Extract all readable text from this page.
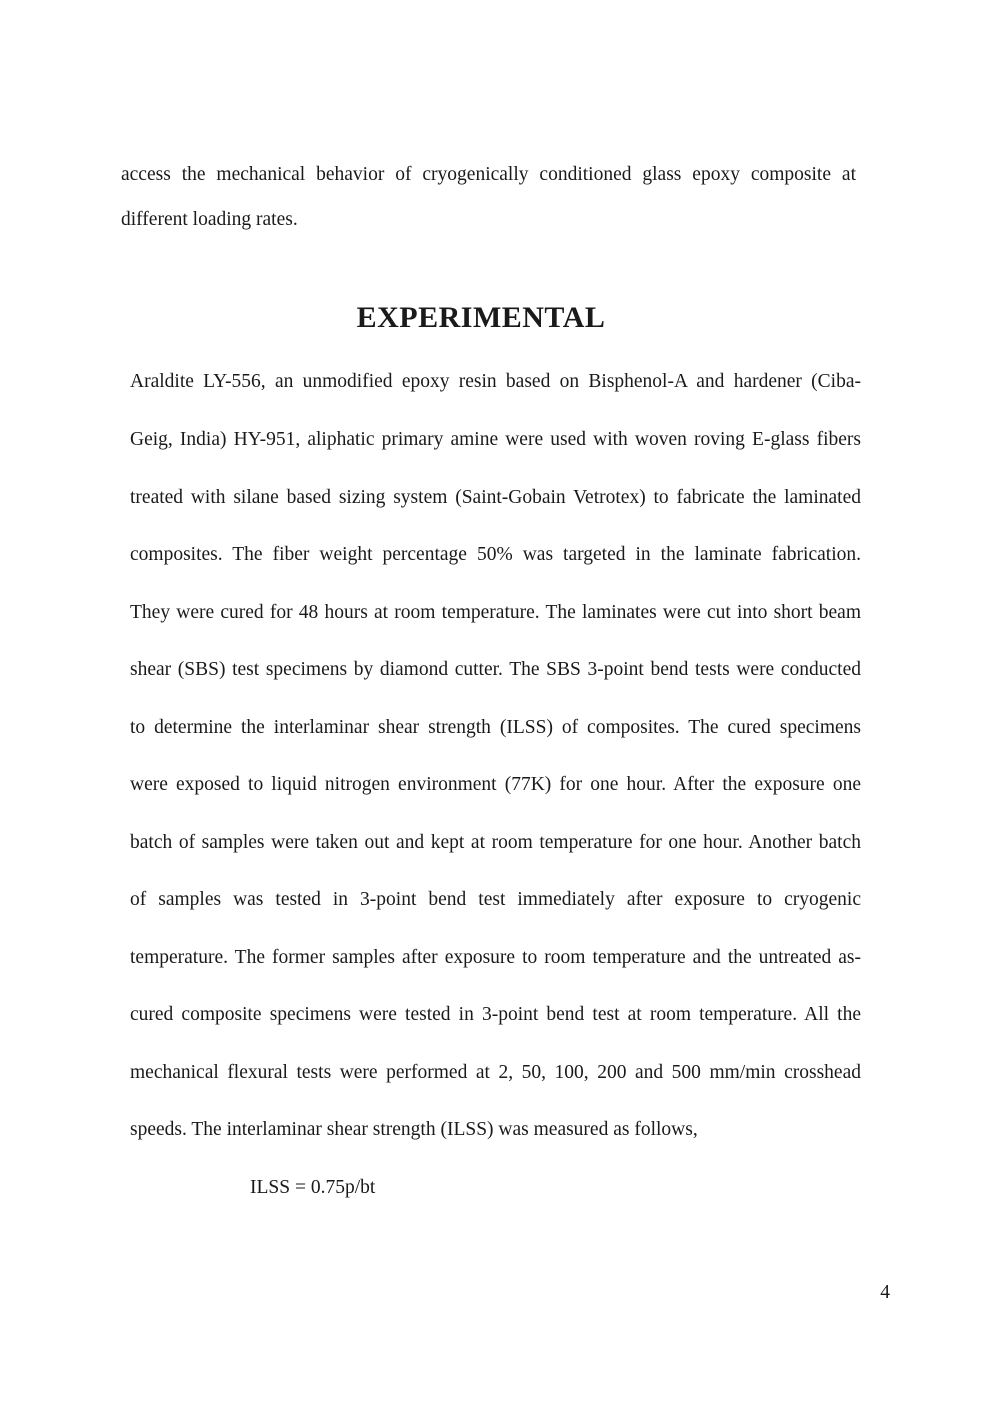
access the mechanical behavior of cryogenically conditioned glass epoxy composite at

different loading rates.

EXPERIMENTAL

Araldite LY-556, an unmodified epoxy resin based on Bisphenol-A and hardener (Ciba-

Geig, India) HY-951, aliphatic primary amine were used with woven roving E-glass fibers

treated with silane based sizing system (Saint-Gobain Vetrotex) to fabricate the laminated

composites. The fiber weight percentage 50% was targeted in the laminate fabrication.

They were cured for 48 hours at room temperature. The laminates were cut into short beam

shear (SBS) test specimens by diamond cutter. The SBS 3-point bend tests were conducted

to determine the interlaminar shear strength (ILSS) of composites. The cured specimens

were exposed to liquid nitrogen environment (77K) for one hour. After the exposure one

batch of samples were taken out and kept at room temperature for one hour. Another batch

of samples was tested in 3-point bend test immediately after exposure to cryogenic

temperature. The former samples after exposure to room temperature and the untreated as-

cured composite specimens were tested in 3-point bend test at room temperature. All the

mechanical flexural tests were performed at 2, 50, 100, 200 and 500 mm/min crosshead

speeds. The interlaminar shear strength (ILSS) was measured as follows,

ILSS = 0.75p/bt

4
